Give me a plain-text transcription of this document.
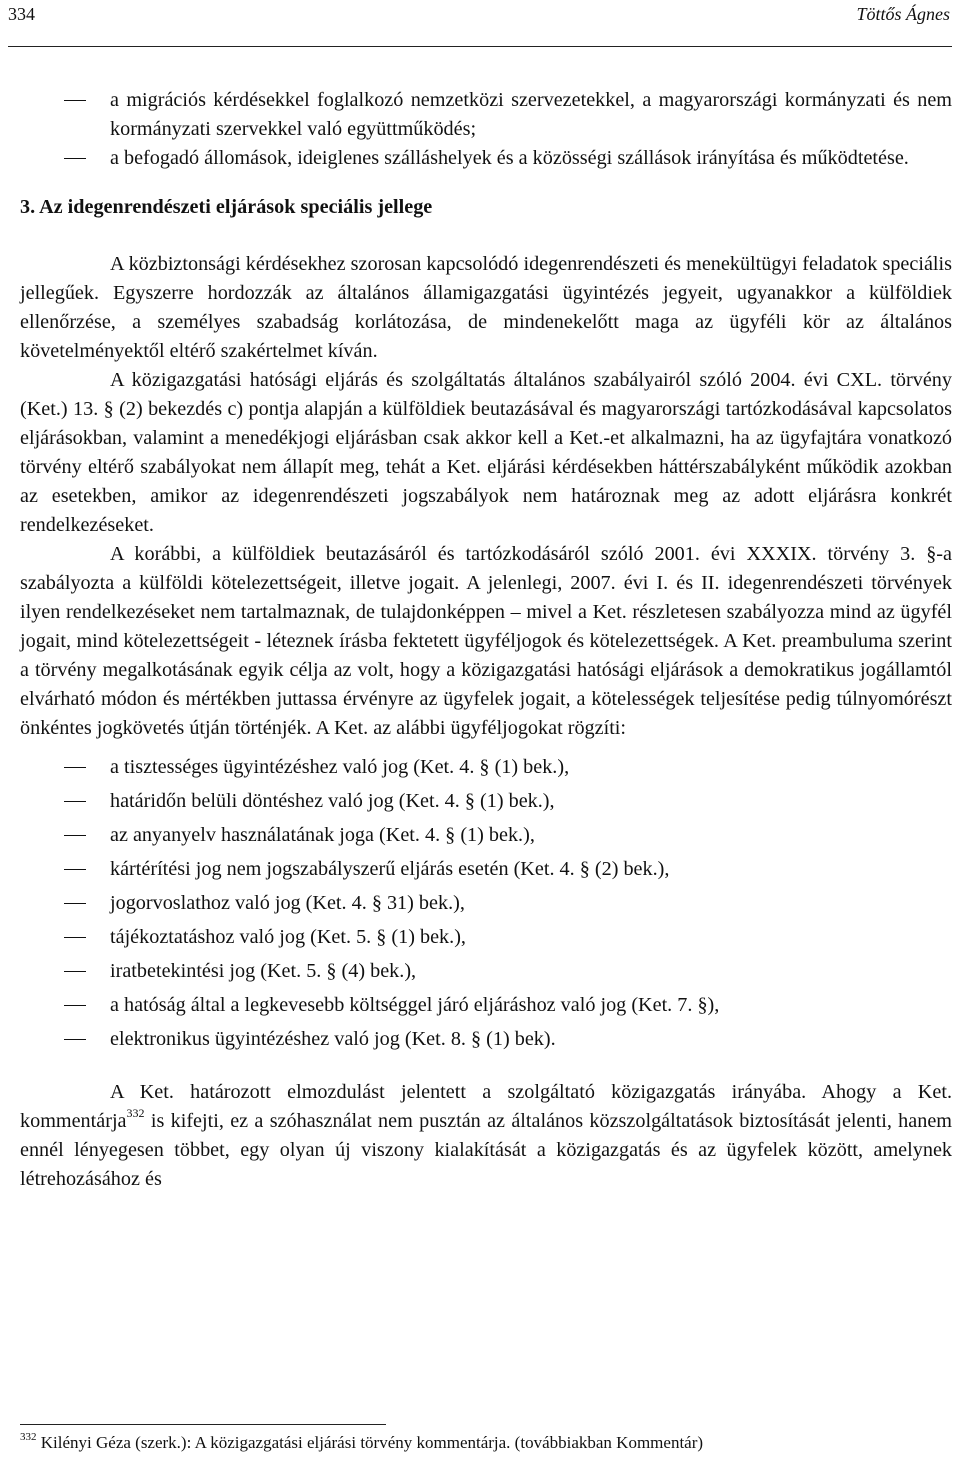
334	Töttős Ágnes
a migrációs kérdésekkel foglalkozó nemzetközi szervezetekkel, a magyarországi kormányzati és nem kormányzati szervekkel való együttműködés;
a befogadó állomások, ideiglenes szálláshelyek és a közösségi szállások irányítása és működtetése.
3. Az idegenrendészeti eljárások speciális jellege

A közbiztonsági kérdésekhez szorosan kapcsolódó idegenrendészeti és menekültügyi feladatok speciális jellegűek. Egyszerre hordozzák az általános államigazgatási ügyintézés jegyeit, ugyanakkor a külföldiek ellenőrzése, a személyes szabadság korlátozása, de mindenekelőtt maga az ügyféli kör az általános követelményektől eltérő szakértelmet kíván.

A közigazgatási hatósági eljárás és szolgáltatás általános szabályairól szóló 2004. évi CXL. törvény (Ket.) 13. § (2) bekezdés c) pontja alapján a külföldiek beutazásával és magyarországi tartózkodásával kapcsolatos eljárásokban, valamint a menedékjogi eljárásban csak akkor kell a Ket.-et alkalmazni, ha az ügyfajtára vonatkozó törvény eltérő szabályokat nem állapít meg, tehát a Ket. eljárási kérdésekben háttérszabályként működik azokban az esetekben, amikor az idegenrendészeti jogszabályok nem határoznak meg az adott eljárásra konkrét rendelkezéseket.

A korábbi, a külföldiek beutazásáról és tartózkodásáról szóló 2001. évi XXXIX. törvény 3. §-a szabályozta a külföldi kötelezettségeit, illetve jogait. A jelenlegi, 2007. évi I. és II. idegenrendészeti törvények ilyen rendelkezéseket nem tartalmaznak, de tulajdonképpen – mivel a Ket. részletesen szabályozza mind az ügyfél jogait, mind kötelezettségeit - léteznek írásba fektetett ügyféljogok és kötelezettségek. A Ket. preambuluma szerint a törvény megalkotásának egyik célja az volt, hogy a közigazgatási hatósági eljárások a demokratikus jogállamtól elvárható módon és mértékben juttassa érvényre az ügyfelek jogait, a kötelességek teljesítése pedig túlnyomórészt önkéntes jogkövetés útján történjék. A Ket. az alábbi ügyféljogokat rögzíti:

a tisztességes ügyintézéshez való jog (Ket. 4. § (1) bek.),
határidőn belüli döntéshez való jog (Ket. 4. § (1) bek.),
az anyanyelv használatának joga (Ket. 4. § (1) bek.),
kártérítési jog nem jogszabályszerű eljárás esetén (Ket. 4. § (2) bek.),
jogorvoslathoz való jog (Ket. 4. § 31) bek.),
tájékoztatáshoz való jog (Ket. 5. § (1) bek.),
iratbetekintési jog (Ket. 5. § (4) bek.),
a hatóság által a legkevesebb költséggel járó eljáráshoz való jog (Ket. 7. §),
elektronikus ügyintézéshez való jog (Ket. 8. § (1) bek).

A Ket. határozott elmozdulást jelentett a szolgáltató közigazgatás irányába. Ahogy a Ket. kommentárja$^{332}$ is kifejti, ez a szóhasználat nem pusztán az általános közszolgáltatások biztosítását jelenti, hanem ennél lényegesen többet, egy olyan új viszony kialakítását a közigazgatás és az ügyfelek között, amelynek létrehozásához és

$^{332}$ Kilényi Géza (szerk.): A közigazgatási eljárási törvény kommentárja. (továbbiakban Kommentár)
